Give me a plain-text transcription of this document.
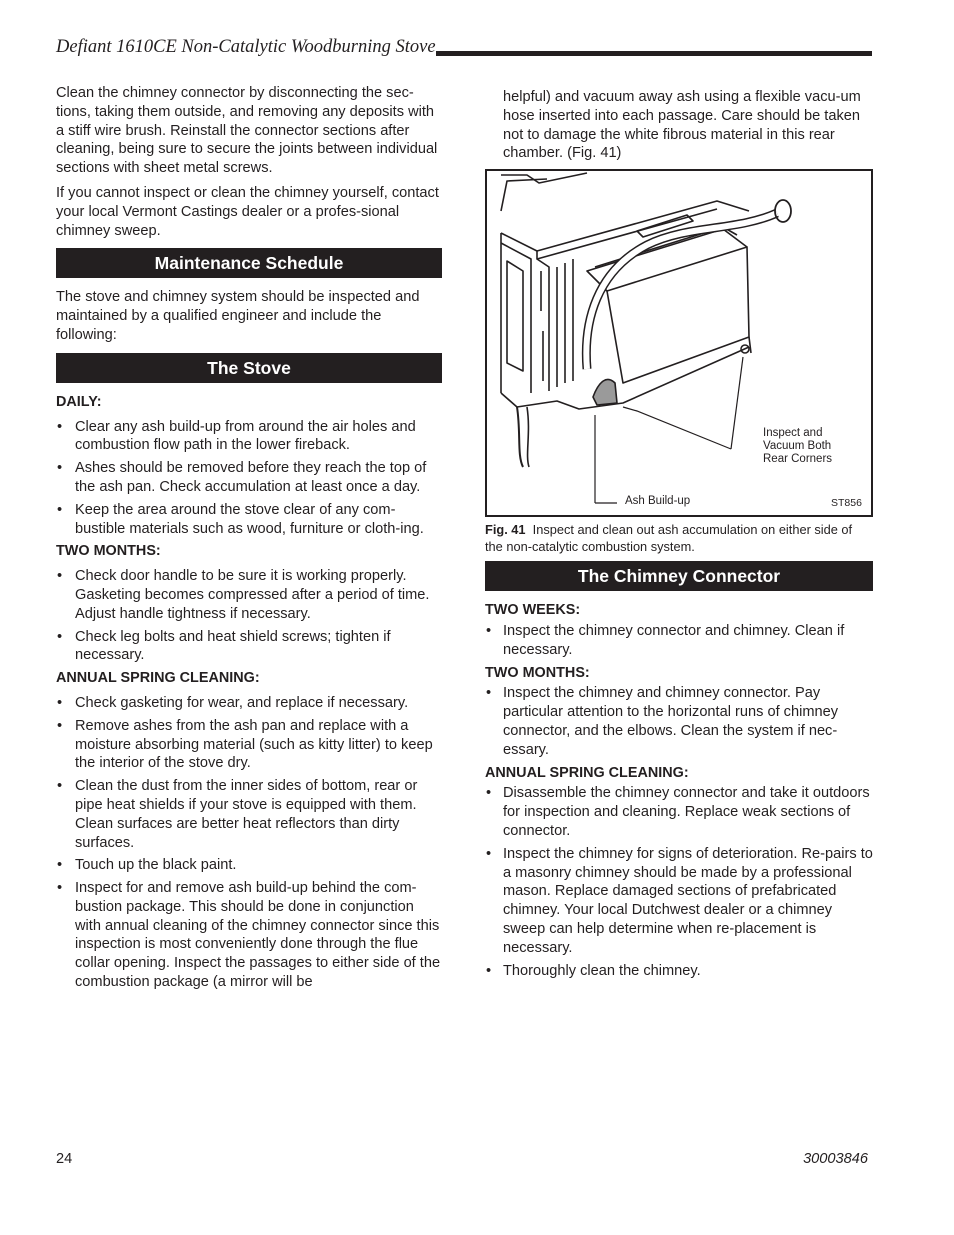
Defiant 1610CE Non-Catalytic Woodburning Stove

Clean the chimney connector by disconnecting the sec-tions, taking them outside, and removing any deposits with a stiff wire brush. Reinstall the connector sections after cleaning, being sure to secure the joints between individual sections with sheet metal screws.

If you cannot inspect or clean the chimney yourself, contact your local Vermont Castings dealer or a profes-sional chimney sweep.

Maintenance Schedule

The stove and chimney system should be inspected and maintained by a qualified engineer and include the following:

The Stove
DAILY:
• Clear any ash build-up from around the air holes and combustion flow path in the lower fireback.
• Ashes should be removed before they reach the top of the ash pan. Check accumulation at least once a day.
• Keep the area around the stove clear of any com-bustible materials such as wood, furniture or cloth-ing.
TWO MONTHS:
• Check door handle to be sure it is working properly. Gasketing becomes compressed after a period of time. Adjust handle tightness if necessary.
• Check leg bolts and heat shield screws; tighten if necessary.
ANNUAL SPRING CLEANING:
• Check gasketing for wear, and replace if necessary.
• Remove ashes from the ash pan and replace with a moisture absorbing material (such as kitty litter) to keep the interior of the stove dry.
• Clean the dust from the inner sides of bottom, rear or pipe heat shields if your stove is equipped with them. Clean surfaces are better heat reflectors than dirty surfaces.
• Touch up the black paint.
• Inspect for and remove ash build-up behind the com-bustion package. This should be done in conjunction with annual cleaning of the chimney connector since this inspection is most conveniently done through the flue collar opening. Inspect the passages to either side of the combustion package (a mirror will be

helpful) and vacuum away ash using a flexible vacu-um hose inserted into each passage. Care should be taken not to damage the white fibrous material in this rear chamber. (Fig. 41)

Inspect and Vacuum Both Rear Corners
Ash Build-up	ST856
Fig. 41 Inspect and clean out ash accumulation on either side of the non-catalytic combustion system.
The Chimney Connector
TWO WEEKS:
• Inspect the chimney connector and chimney. Clean if necessary.
TWO MONTHS:
• Inspect the chimney and chimney connector. Pay particular attention to the horizontal runs of chimney connector, and the elbows. Clean the system if nec-essary.
ANNUAL SPRING CLEANING:
• Disassemble the chimney connector and take it outdoors for inspection and cleaning. Replace weak sections of connector.
• Inspect the chimney for signs of deterioration. Re-pairs to a masonry chimney should be made by a professional mason. Replace damaged sections of prefabricated chimney. Your local Dutchwest dealer or a chimney sweep can help determine when re-placement is necessary.
• Thoroughly clean the chimney.
24	30003846
